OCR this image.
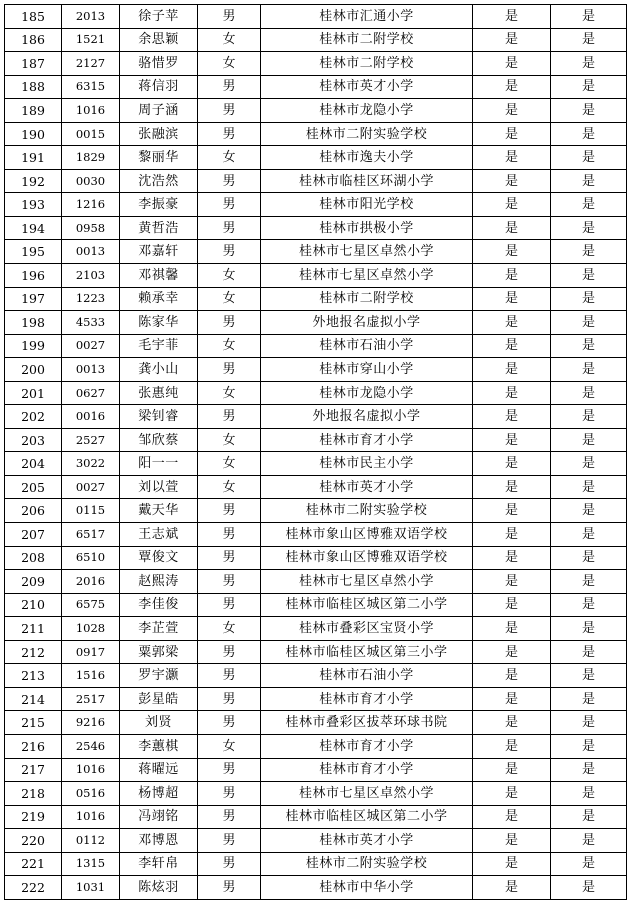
185	2013	徐子苹	男	桂林市汇通小学	是	是
186	1521	余思颖	女	桂林市二附学校	是	是
187	2127	骆惜罗	女	桂林市二附学校	是	是
188	6315	蒋信羽	男	桂林市英才小学	是	是
189	1016	周子涵	男	桂林市龙隐小学	是	是
190	0015	张融滨	男	桂林市二附实验学校	是	是
191	1829	黎丽华	女	桂林市逸夫小学	是	是
192	0030	沈浩然	男	桂林市临桂区环湖小学	是	是
193	1216	李振豪	男	桂林市阳光学校	是	是
194	0958	黄哲浩	男	桂林市拱极小学	是	是
195	0013	邓嘉轩	男	桂林市七星区卓然小学	是	是
196	2103	邓祺馨	女	桂林市七星区卓然小学	是	是
197	1223	赖承幸	女	桂林市二附学校	是	是
198	4533	陈家华	男	外地报名虚拟小学	是	是
199	0027	毛宇菲	女	桂林市石油小学	是	是
200	0013	龚小山	男	桂林市穿山小学	是	是
201	0627	张惠纯	女	桂林市龙隐小学	是	是
202	0016	梁钊睿	男	外地报名虚拟小学	是	是
203	2527	邹欣蔡	女	桂林市育才小学	是	是
204	3022	阳一一	女	桂林市民主小学	是	是
205	0027	刘以萱	女	桂林市英才小学	是	是
206	0115	戴天华	男	桂林市二附实验学校	是	是
207	6517	王志斌	男	桂林市象山区博雅双语学校	是	是
208	6510	覃俊文	男	桂林市象山区博雅双语学校	是	是
209	2016	赵熙涛	男	桂林市七星区卓然小学	是	是
210	6575	李佳俊	男	桂林市临桂区城区第二小学	是	是
211	1028	李芷萱	女	桂林市叠彩区宝贤小学	是	是
212	0917	粟郭梁	男	桂林市临桂区城区第三小学	是	是
213	1516	罗宇灏	男	桂林市石油小学	是	是
214	2517	彭星皓	男	桂林市育才小学	是	是
215	9216	刘贤	男	桂林市叠彩区拔萃环球书院	是	是
216	2546	李蕙棋	女	桂林市育才小学	是	是
217	1016	蒋曜远	男	桂林市育才小学	是	是
218	0516	杨博超	男	桂林市七星区卓然小学	是	是
219	1016	冯翊铭	男	桂林市临桂区城区第二小学	是	是
220	0112	邓博恩	男	桂林市英才小学	是	是
221	1315	李轩帛	男	桂林市二附实验学校	是	是
222	1031	陈炫羽	男	桂林市中华小学	是	是
